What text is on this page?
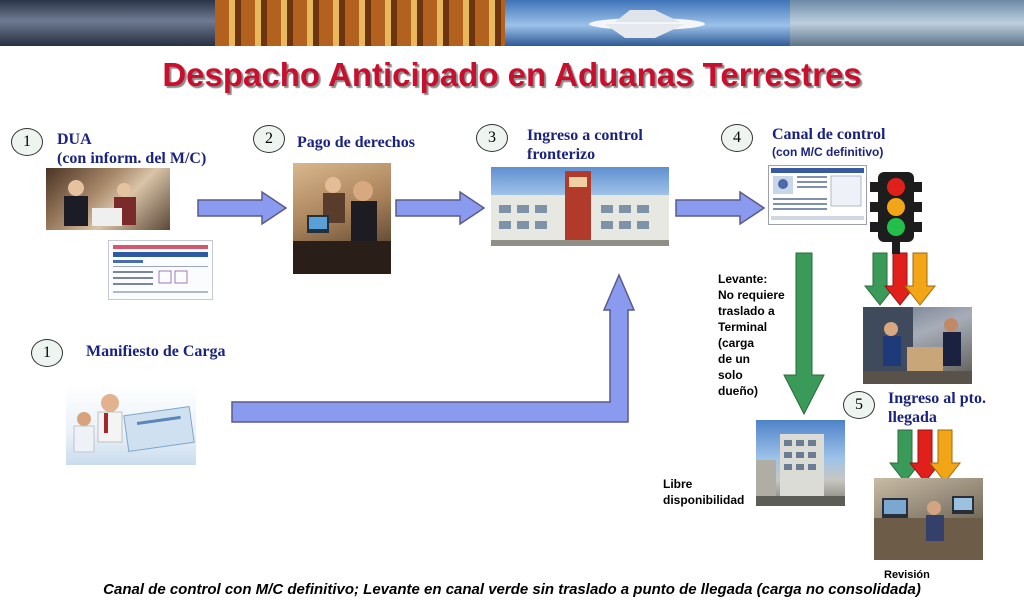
Despacho Anticipado en Aduanas Terrestres
1	DUA
(con inform. del M/C)
2	Pago de derechos	3	Ingreso a control
fronterizo
4	Canal de control
(con M/C definitivo)
Levante:
No requiere
traslado a
Terminal
(carga
de un
solo
dueño)
Libre
disponibilidad
5	Ingreso al pto.
llegada
Revisión
1	Manifiesto de Carga
Canal de control con M/C definitivo; Levante en canal verde sin traslado a punto de llegada (carga no consolidada)
